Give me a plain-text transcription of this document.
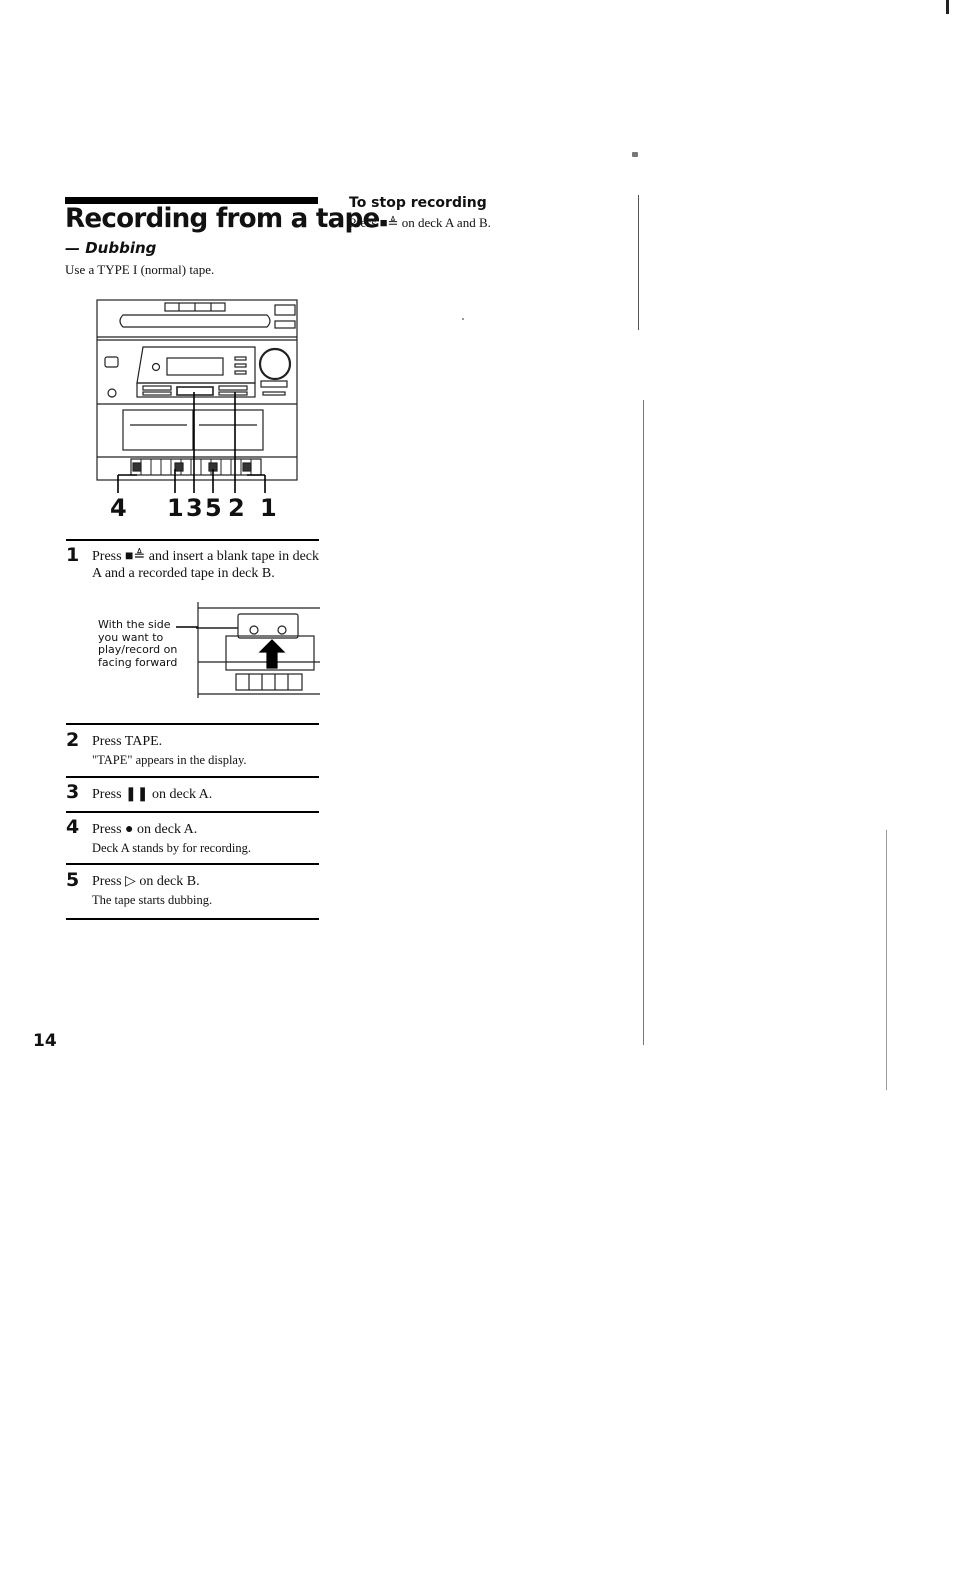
Recording from a tape
— Dubbing
Use a TYPE I (normal) tape.
4 1 3 5 2 1
1 Press ■≜ and insert a blank tape in deck A and a recorded tape in deck B.
With the side you want to play/record on facing forward
2 Press TAPE.
"TAPE" appears in the display.
3 Press ❚❚ on deck A.
4 Press ● on deck A.
Deck A stands by for recording.
5 Press ▷ on deck B.
The tape starts dubbing.
14
To stop recording
Press ■≜ on deck A and B.
